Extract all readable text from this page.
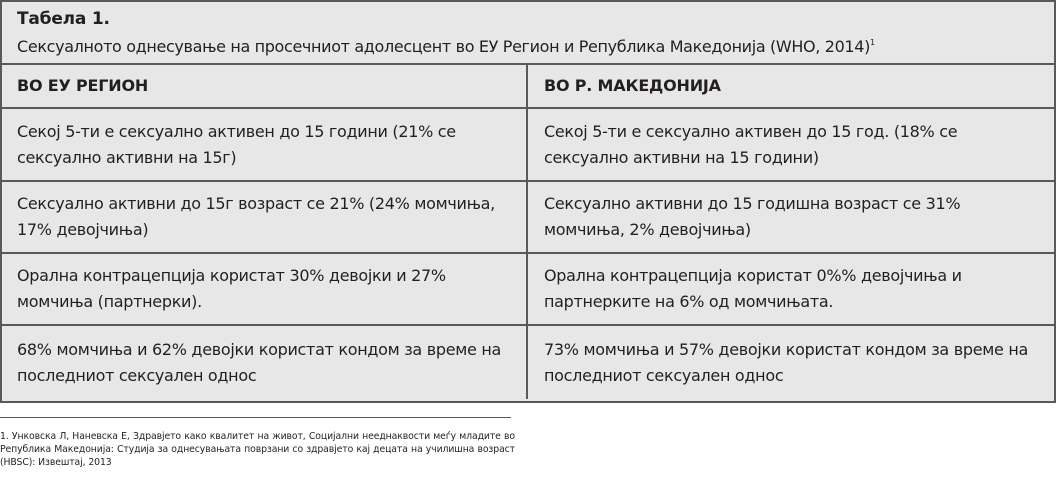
Табела 1.
Сексуалното однесување на просечниот адолесцент во ЕУ Регион и Република Македонија (WHO, 2014)$^1$
ВО ЕУ РЕГИОН	ВО Р. МАКЕДОНИЈА
Секој 5-ти е сексуално активен до 15 години (21% се сексуално активни на 15г)
Секој 5-ти е сексуално активен до 15 год. (18% се сексуално активни на 15 години)
Сексуално активни до 15г возраст се 21% (24% момчиња, 17% девојчиња)
Сексуално активни до 15 годишна возраст се 31% момчиња, 2% девојчиња)
Орална контрацепција користат 30% девојки и 27% момчиња (партнерки).
Орална контрацепција користат 0%% девојчиња и партнерките на 6% од момчињата.
68% момчиња и 62% девојки користат кондом за време на последниот сексуален однос
73% момчиња и 57% девојки користат кондом за време на последниот сексуален однос
1. Унковска Л, Наневска Е, Здравјето како квалитет на живот, Социјални нееднаквости меѓу младите во Република Македонија: Студија за однесувањата поврзани со здравјето кај децата на училишна возраст (HBSC): Извештај, 2013
